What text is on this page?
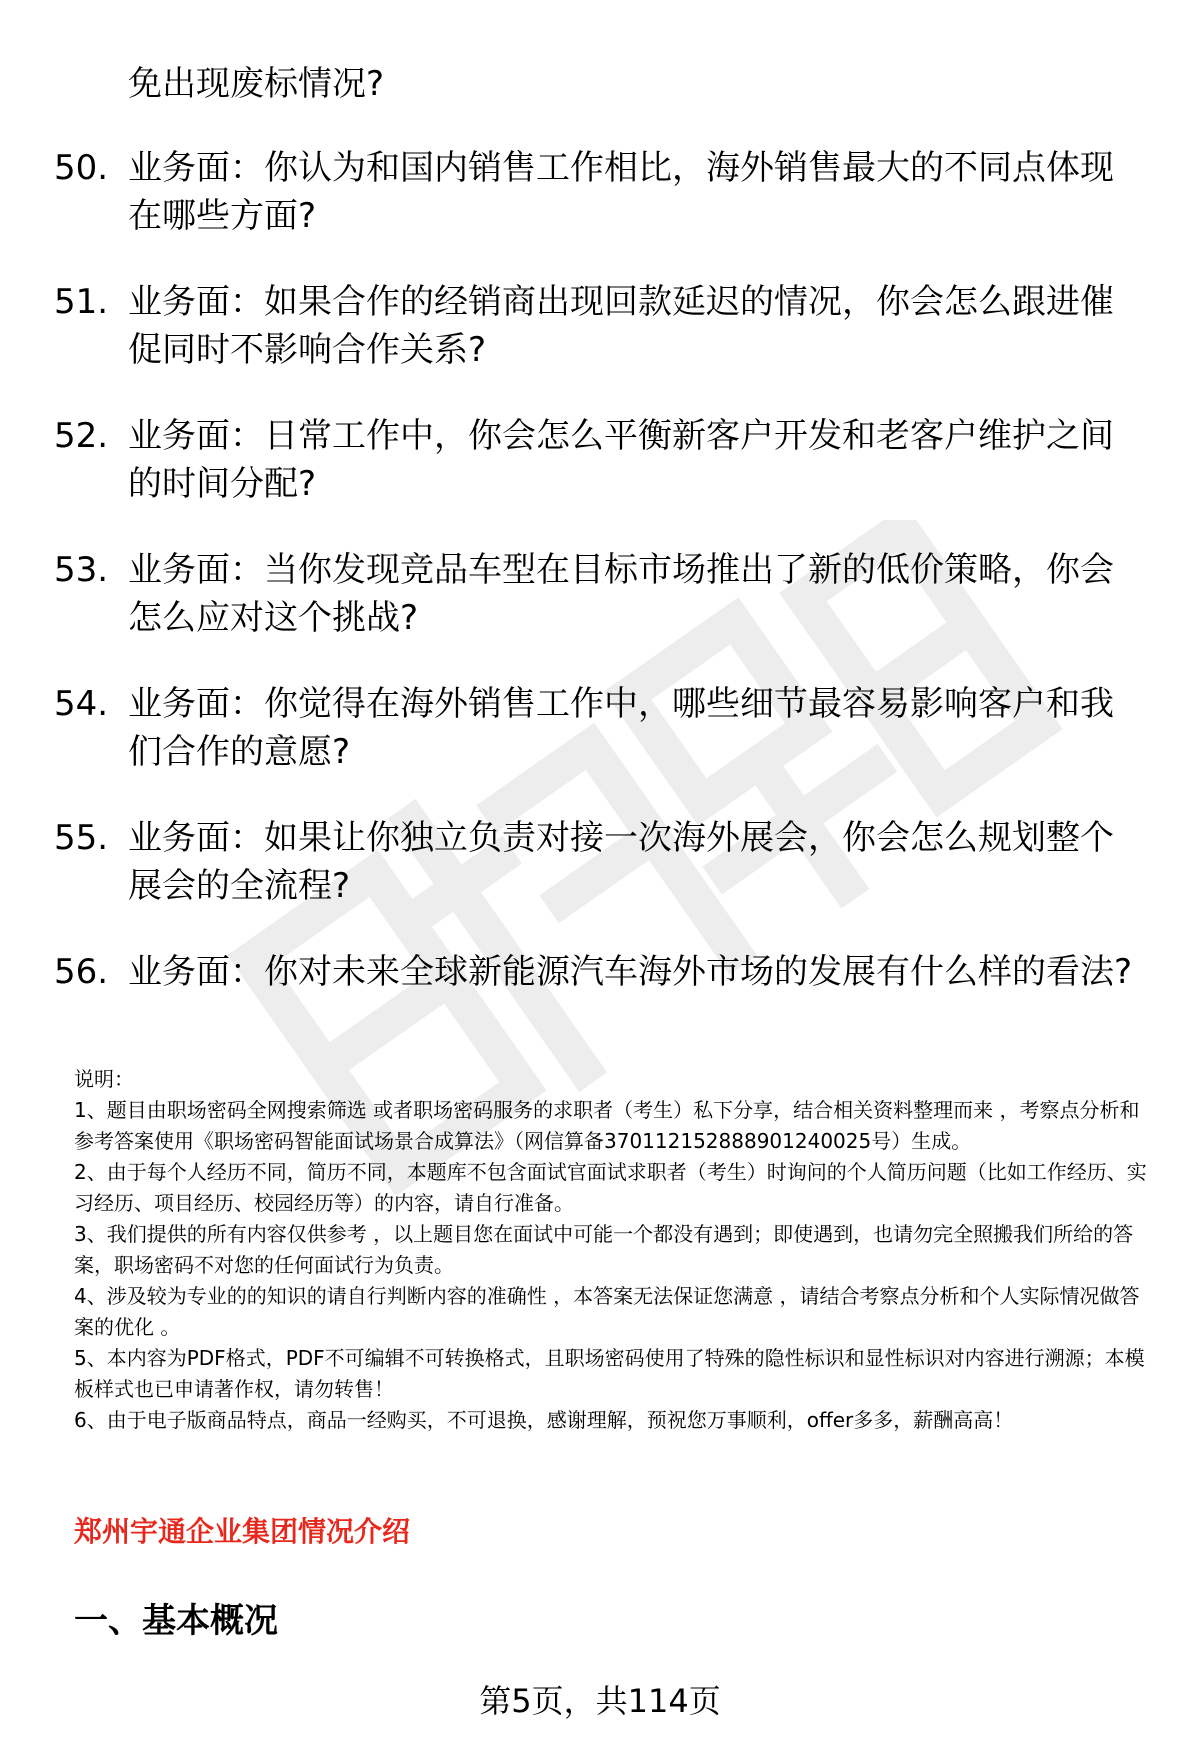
免出现废标情况?
50. 业务面：你认为和国内销售工作相比，海外销售最大的不同点体现在哪些方面?
51. 业务面：如果合作的经销商出现回款延迟的情况，你会怎么跟进催促同时不影响合作关系?
52. 业务面：日常工作中，你会怎么平衡新客户开发和老客户维护之间的时间分配?
53. 业务面：当你发现竞品车型在目标市场推出了新的低价策略，你会怎么应对这个挑战?
54. 业务面：你觉得在海外销售工作中，哪些细节最容易影响客户和我们合作的意愿?
55. 业务面：如果让你独立负责对接一次海外展会，你会怎么规划整个展会的全流程?
56. 业务面：你对未来全球新能源汽车海外市场的发展有什么样的看法?

说明：

1、题目由职场密码全网搜索筛选 或者职场密码服务的求职者（考生）私下分享，结合相关资料整理而来 ，考察点分析和参考答案使用《职场密码智能面试场景合成算法》（网信算备370112152888901240025号）生成。

2、由于每个人经历不同，简历不同，本题库不包含面试官面试求职者（考生）时询问的个人简历问题（比如工作经历、实习经历、项目经历、校园经历等）的内容，请自行准备。

3、我们提供的所有内容仅供参考 ，以上题目您在面试中可能一个都没有遇到；即使遇到，也请勿完全照搬我们所给的答案，职场密码不对您的任何面试行为负责。

4、涉及较为专业的的知识的请自行判断内容的准确性 ，本答案无法保证您满意 ，请结合考察点分析和个人实际情况做答案的优化 。

5、本内容为PDF格式，PDF不可编辑不可转换格式，且职场密码使用了特殊的隐性标识和显性标识对内容进行溯源；本模板样式也已申请著作权，请勿转售！

6、由于电子版商品特点，商品一经购买，不可退换，感谢理解，预祝您万事顺利，offer多多，薪酬高高！

郑州宇通企业集团情况介绍
一、基本概况
第5页，共114页
